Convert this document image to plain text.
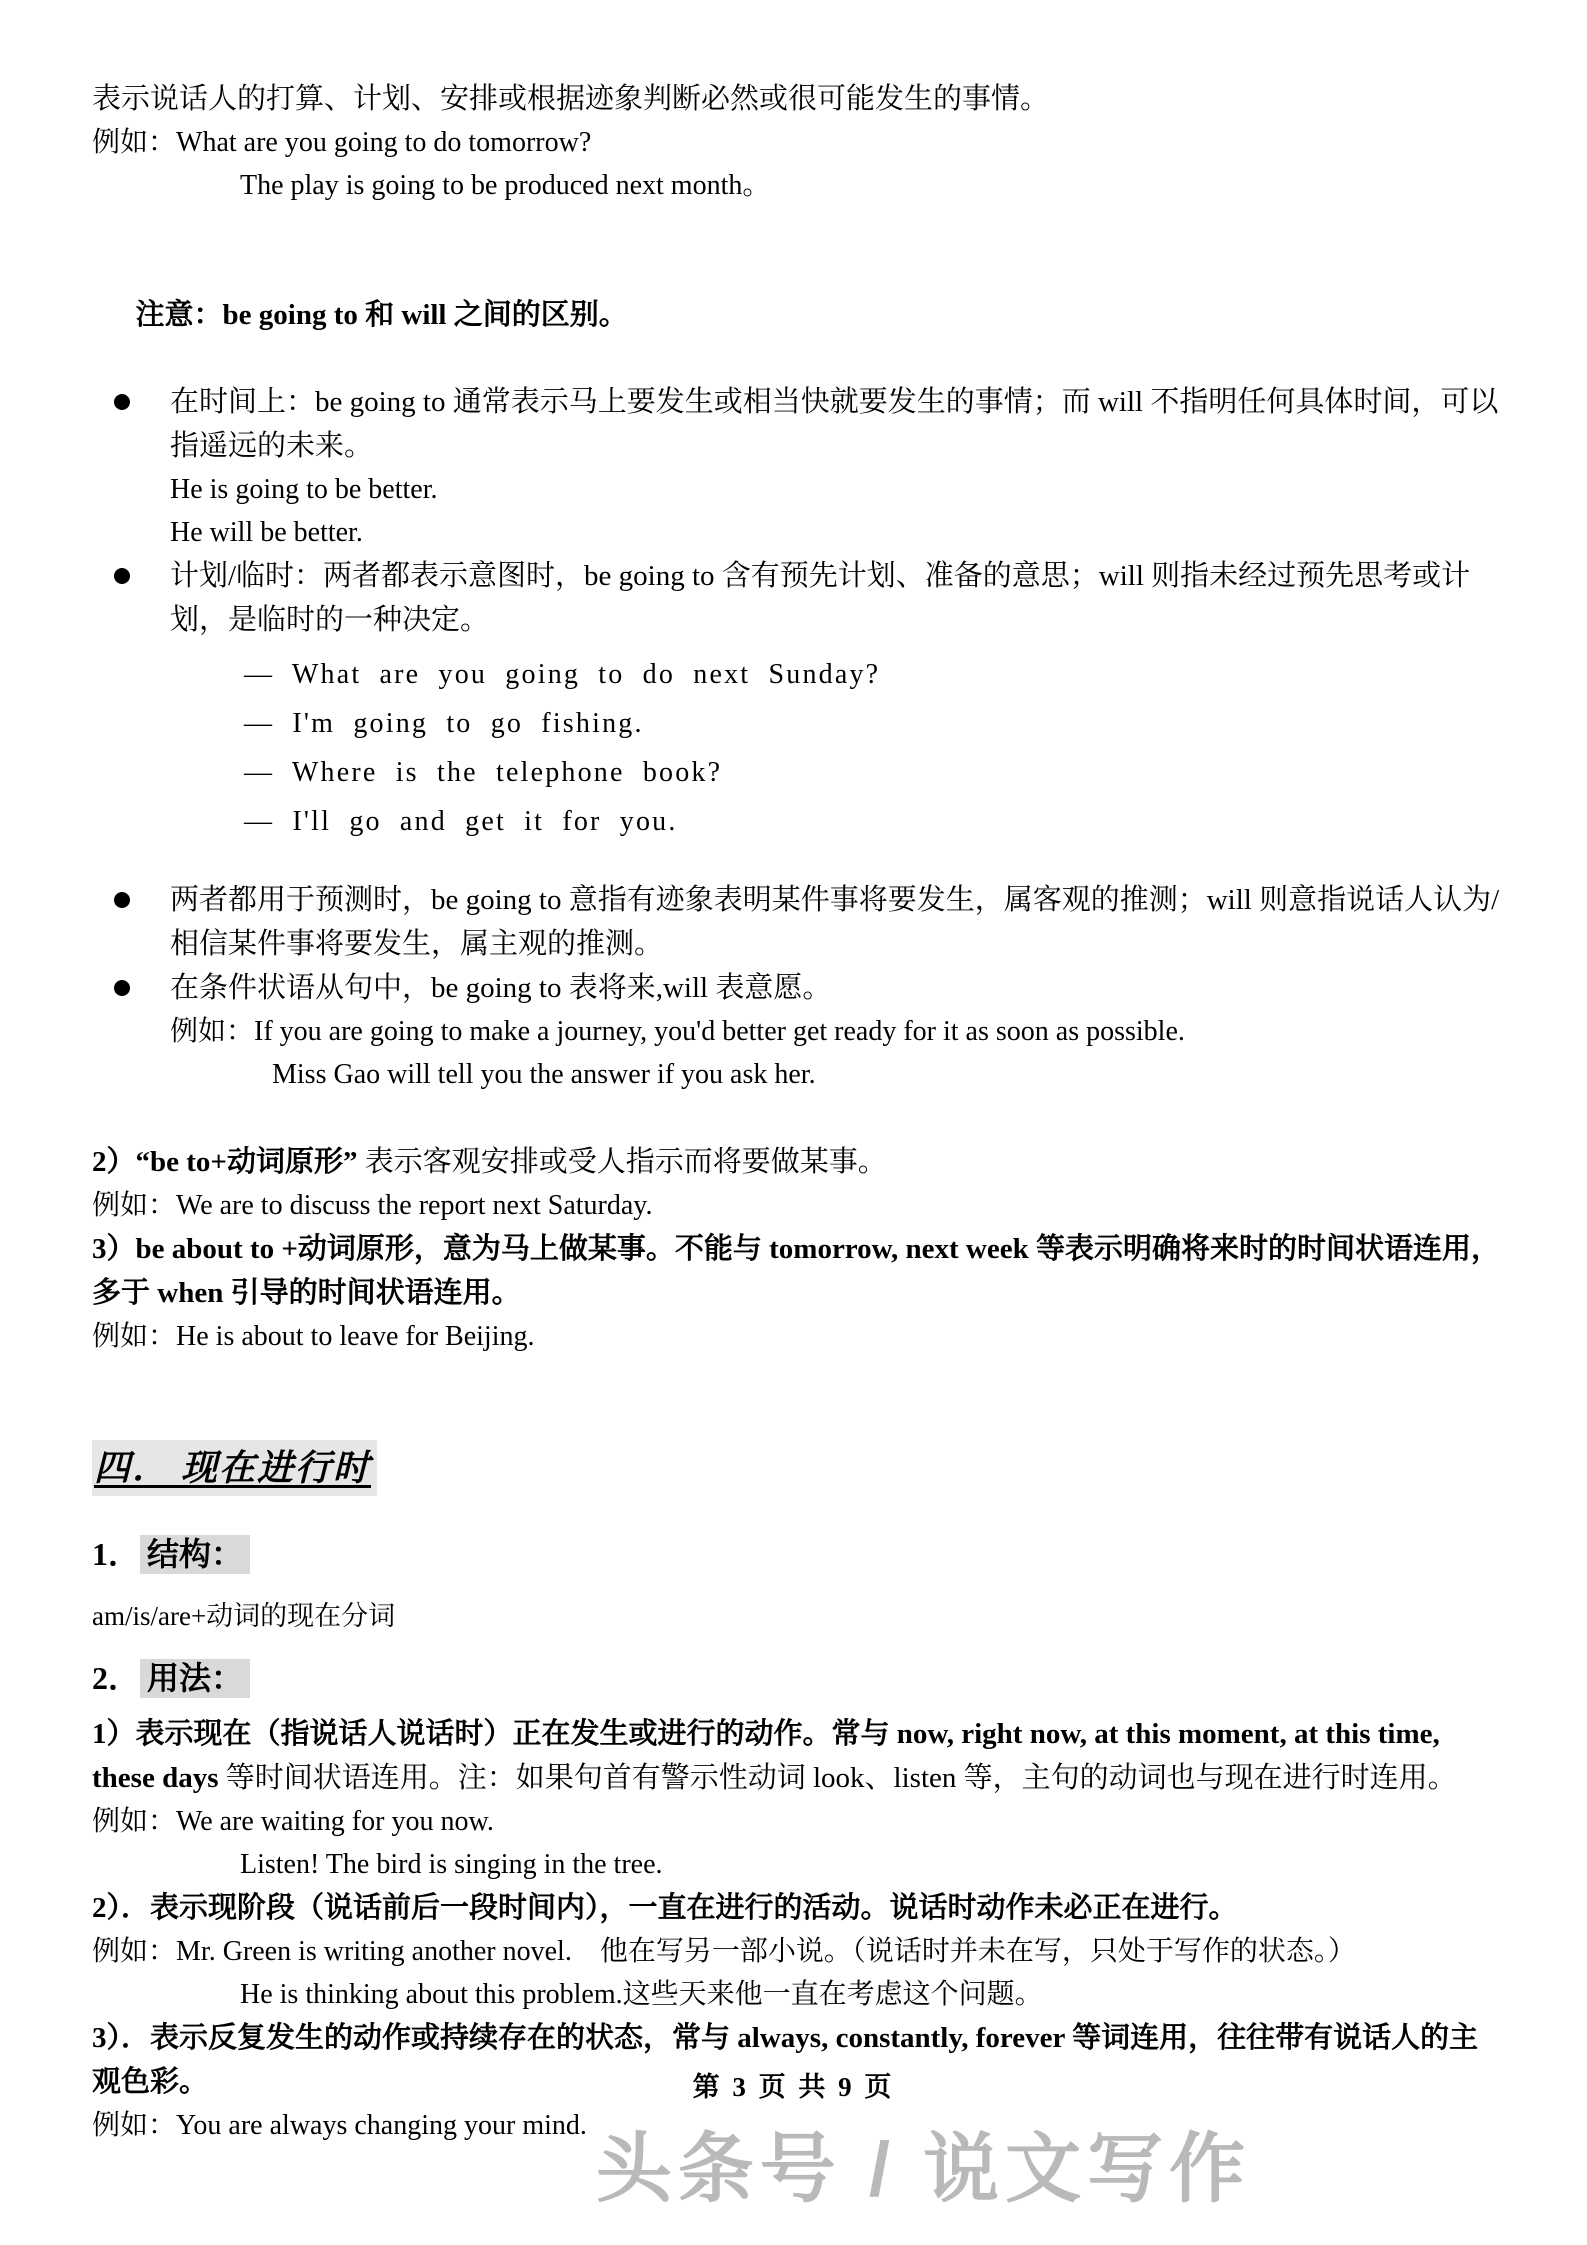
表示说话人的打算、计划、安排或根据迹象判断必然或很可能发生的事情。
例如：What are you going to do tomorrow?
The play is going to be produced next month。

注意：be going to 和 will 之间的区别。

在时间上：be going to 通常表示马上要发生或相当快就要发生的事情；而 will 不指明任何具体时间，可以指遥远的未来。
He is going to be better.
He will be better.
计划/临时：两者都表示意图时，be going to 含有预先计划、准备的意思；will 则指未经过预先思考或计划，是临时的一种决定。
— What are you going to do next Sunday?
— I'm going to go fishing.
— Where is the telephone book?
— I'll go and get it for you.
两者都用于预测时，be going to 意指有迹象表明某件事将要发生，属客观的推测；will 则意指说话人认为/相信某件事将要发生，属主观的推测。
在条件状语从句中，be going to 表将来,will 表意愿。
例如：If you are going to make a journey, you'd better get ready for it as soon as possible.
Miss Gao will tell you the answer if you ask her.
2）“be to+动词原形” 表示客观安排或受人指示而将要做某事。
例如：We are to discuss the report next Saturday.
3）be about to +动词原形，意为马上做某事。不能与 tomorrow, next week 等表示明确将来时的时间状语连用，多于 when 引导的时间状语连用。
例如：He is about to leave for Beijing.
四． 现在进行时
1． 结构：
am/is/are+动词的现在分词
2． 用法：
1）表示现在（指说话人说话时）正在发生或进行的动作。常与 now, right now, at this moment, at this time, these days 等时间状语连用。注：如果句首有警示性动词 look、listen 等，主句的动词也与现在进行时连用。
例如：We are waiting for you now.
Listen! The bird is singing in the tree.
2）．表示现阶段（说话前后一段时间内），一直在进行的活动。说话时动作未必正在进行。
例如：Mr. Green is writing another novel.　他在写另一部小说。（说话时并未在写，只处于写作的状态。）
He is thinking about this problem.这些天来他一直在考虑这个问题。
3）．表示反复发生的动作或持续存在的状态，常与 always, constantly, forever 等词连用，往往带有说话人的主观色彩。
例如：You are always changing your mind.
第 3 页 共 9 页
头条号 / 说文写作
